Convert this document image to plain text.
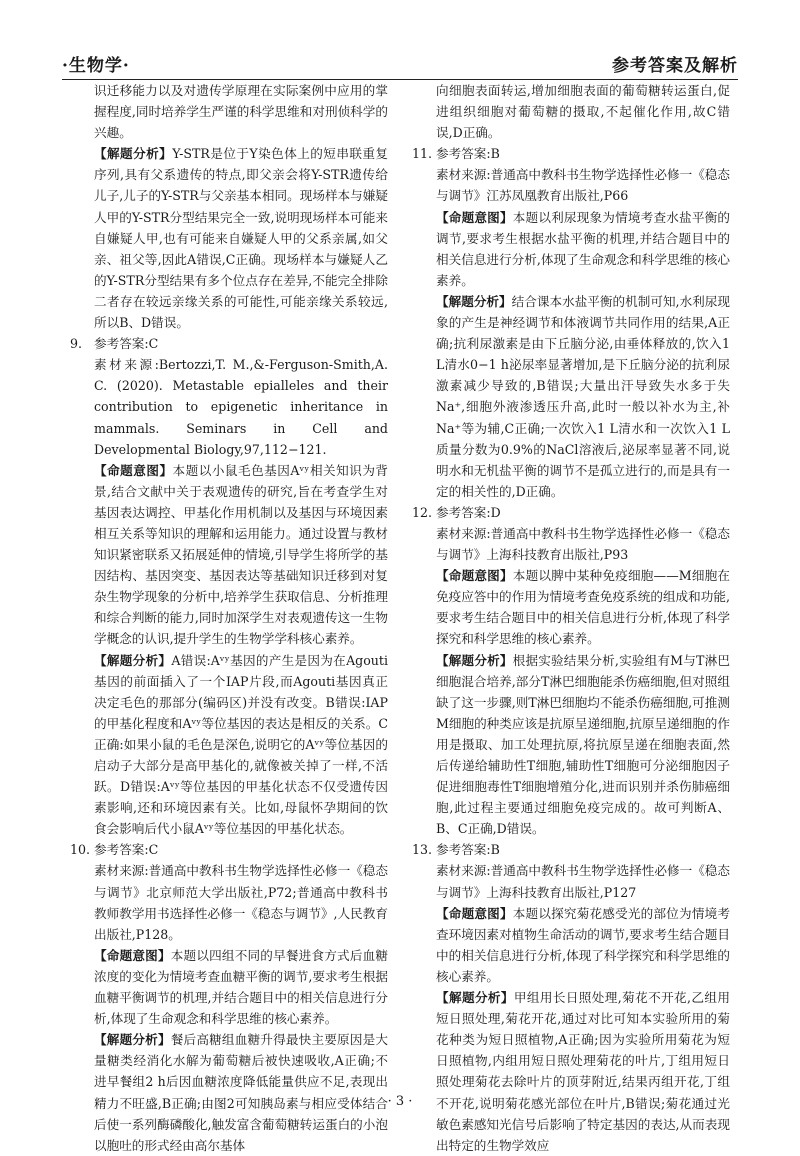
·生物学·	参考答案及解析

识迁移能力以及对遗传学原理在实际案例中应用的掌握程度,同时培养学生严谨的科学思维和对刑侦科学的兴趣。

【解题分析】Y-STR是位于Y染色体上的短串联重复序列,具有父系遗传的特点,即父亲会将Y-STR遗传给儿子,儿子的Y-STR与父亲基本相同。现场样本与嫌疑人甲的Y-STR分型结果完全一致,说明现场样本可能来自嫌疑人甲,也有可能来自嫌疑人甲的父系亲属,如父亲、祖父等,因此A错误,C正确。现场样本与嫌疑人乙的Y-STR分型结果有多个位点存在差异,不能完全排除二者存在较远亲缘关系的可能性,可能亲缘关系较远,所以B、D错误。

9. 参考答案:C

素材来源:Bertozzi,T. M.,&-Ferguson-Smith,A. C. (2020). Metastable epialleles and their contribution to epigenetic inheritance in mammals. Seminars in Cell and Developmental Biology,97,112−121.

【命题意图】本题以小鼠毛色基因Aᵛʸ相关知识为背景,结合文献中关于表观遗传的研究,旨在考查学生对基因表达调控、甲基化作用机制以及基因与环境因素相互关系等知识的理解和运用能力。通过设置与教材知识紧密联系又拓展延伸的情境,引导学生将所学的基因结构、基因突变、基因表达等基础知识迁移到对复杂生物学现象的分析中,培养学生获取信息、分析推理和综合判断的能力,同时加深学生对表观遗传这一生物学概念的认识,提升学生的生物学学科核心素养。

【解题分析】A错误:Aᵛʸ基因的产生是因为在Agouti基因的前面插入了一个IAP片段,而Agouti基因真正决定毛色的那部分(编码区)并没有改变。B错误:IAP的甲基化程度和Aᵛʸ等位基因的表达是相反的关系。C正确:如果小鼠的毛色是深色,说明它的Aᵛʸ等位基因的启动子大部分是高甲基化的,就像被关掉了一样,不活跃。D错误:Aᵛʸ等位基因的甲基化状态不仅受遗传因素影响,还和环境因素有关。比如,母鼠怀孕期间的饮食会影响后代小鼠Aᵛʸ等位基因的甲基化状态。

10. 参考答案:C

素材来源:普通高中教科书生物学选择性必修一《稳态与调节》北京师范大学出版社,P72;普通高中教科书教师教学用书选择性必修一《稳态与调节》,人民教育出版社,P128。

【命题意图】本题以四组不同的早餐进食方式后血糖浓度的变化为情境考查血糖平衡的调节,要求考生根据血糖平衡调节的机理,并结合题目中的相关信息进行分析,体现了生命观念和科学思维的核心素养。

【解题分析】餐后高糖组血糖升得最快主要原因是大量糖类经消化水解为葡萄糖后被快速吸收,A正确;不进早餐组2 h后因血糖浓度降低能量供应不足,表现出精力不旺盛,B正确;由图2可知胰岛素与相应受体结合后使一系列酶磷酸化,触发富含葡萄糖转运蛋白的小泡以胞吐的形式经由高尔基体

向细胞表面转运,增加细胞表面的葡萄糖转运蛋白,促进组织细胞对葡萄糖的摄取,不起催化作用,故C错误,D正确。

11. 参考答案:B

素材来源:普通高中教科书生物学选择性必修一《稳态与调节》江苏凤凰教育出版社,P66

【命题意图】本题以利尿现象为情境考查水盐平衡的调节,要求考生根据水盐平衡的机理,并结合题目中的相关信息进行分析,体现了生命观念和科学思维的核心素养。

【解题分析】结合课本水盐平衡的机制可知,水利尿现象的产生是神经调节和体液调节共同作用的结果,A正确;抗利尿激素是由下丘脑分泌,由垂体释放的,饮入1 L清水0−1 h泌尿率显著增加,是下丘脑分泌的抗利尿激素减少导致的,B错误;大量出汗导致失水多于失Na⁺,细胞外液渗透压升高,此时一般以补水为主,补Na⁺等为辅,C正确;一次饮入1 L清水和一次饮入1 L质量分数为0.9%的NaCl溶液后,泌尿率显著不同,说明水和无机盐平衡的调节不是孤立进行的,而是具有一定的相关性的,D正确。

12. 参考答案:D

素材来源:普通高中教科书生物学选择性必修一《稳态与调节》上海科技教育出版社,P93

【命题意图】本题以脾中某种免疫细胞——M细胞在免疫应答中的作用为情境考查免疫系统的组成和功能,要求考生结合题目中的相关信息进行分析,体现了科学探究和科学思维的核心素养。

【解题分析】根据实验结果分析,实验组有M与T淋巴细胞混合培养,部分T淋巴细胞能杀伤癌细胞,但对照组缺了这一步骤,则T淋巴细胞均不能杀伤癌细胞,可推测M细胞的种类应该是抗原呈递细胞,抗原呈递细胞的作用是摄取、加工处理抗原,将抗原呈递在细胞表面,然后传递给辅助性T细胞,辅助性T细胞可分泌细胞因子促进细胞毒性T细胞增殖分化,进而识别并杀伤肺癌细胞,此过程主要通过细胞免疫完成的。故可判断A、B、C正确,D错误。

13. 参考答案:B

素材来源:普通高中教科书生物学选择性必修一《稳态与调节》上海科技教育出版社,P127

【命题意图】本题以探究菊花感受光的部位为情境考查环境因素对植物生命活动的调节,要求考生结合题目中的相关信息进行分析,体现了科学探究和科学思维的核心素养。

【解题分析】甲组用长日照处理,菊花不开花,乙组用短日照处理,菊花开花,通过对比可知本实验所用的菊花种类为短日照植物,A正确;因为实验所用菊花为短日照植物,内组用短日照处理菊花的叶片,丁组用短日照处理菊花去除叶片的顶芽附近,结果丙组开花,丁组不开花,说明菊花感光部位在叶片,B错误;菊花通过光敏色素感知光信号后影响了特定基因的表达,从而表现出特定的生物学效应

· 3 ·
